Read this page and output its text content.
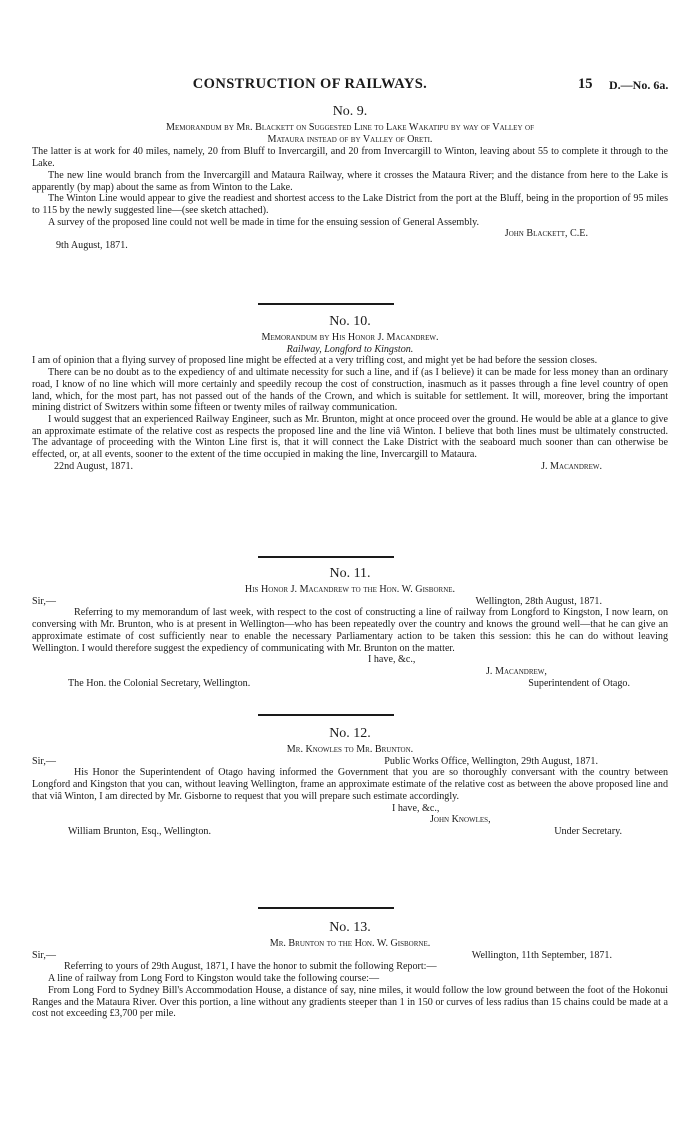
CONSTRUCTION OF RAILWAYS.	15 D.—No. 6a.
No. 9.
Memorandum by Mr. Blackett on Suggested Line to Lake Wakatipu by way of Valley of
Mataura instead of by Valley of Oreti.

The latter is at work for 40 miles, namely, 20 from Bluff to Invercargill, and 20 from Invercargill to Winton, leaving about 55 to complete it through to the Lake.

The new line would branch from the Invercargill and Mataura Railway, where it crosses the Mataura River; and the distance from here to the Lake is apparently (by map) about the same as from Winton to the Lake.

The Winton Line would appear to give the readiest and shortest access to the Lake District from the port at the Bluff, being in the proportion of 95 miles to 115 by the newly suggested line—(see sketch attached).

A survey of the proposed line could not well be made in time for the ensuing session of General Assembly.

John Blackett, C.E.
9th August, 1871.
No. 10.
Memorandum by His Honor J. Macandrew.
Railway, Longford to Kingston.

I am of opinion that a flying survey of proposed line might be effected at a very trifling cost, and might yet be had before the session closes.

There can be no doubt as to the expediency of and ultimate necessity for such a line, and if (as I believe) it can be made for less money than an ordinary road, I know of no line which will more certainly and speedily recoup the cost of construction, inasmuch as it passes through a fine level country of open land, which, for the most part, has not passed out of the hands of the Crown, and which is suitable for settlement. It will, moreover, bring the important mining district of Switzers within some fifteen or twenty miles of railway communication.

I would suggest that an experienced Railway Engineer, such as Mr. Brunton, might at once proceed over the ground. He would be able at a glance to give an approximate estimate of the relative cost as respects the proposed line and the line viâ Winton. I believe that both lines must be ultimately constructed. The advantage of proceeding with the Winton Line first is, that it will connect the Lake District with the seaboard much sooner than can otherwise be effected, or, at all events, sooner to the extent of the time occupied in making the line, Invercargill to Mataura.

22nd August, 1871.	J. Macandrew.
No. 11.
His Honor J. Macandrew to the Hon. W. Gisborne.
Sir,—	Wellington, 28th August, 1871.

Referring to my memorandum of last week, with respect to the cost of constructing a line of railway from Longford to Kingston, I now learn, on conversing with Mr. Brunton, who is at present in Wellington—who has been repeatedly over the country and knows the ground well—that he can give an approximate estimate of cost sufficiently near to enable the necessary Parliamentary action to be taken this session: this he can do without leaving Wellington. I would therefore suggest the expediency of communicating with Mr. Brunton on the matter.

I have, &c.,
J. Macandrew,
The Hon. the Colonial Secretary, Wellington.	Superintendent of Otago.
No. 12.
Mr. Knowles to Mr. Brunton.
Sir,—	Public Works Office, Wellington, 29th August, 1871.

His Honor the Superintendent of Otago having informed the Government that you are so thoroughly conversant with the country between Longford and Kingston that you can, without leaving Wellington, frame an approximate estimate of the relative cost as between the above proposed line and that viâ Winton, I am directed by Mr. Gisborne to request that you will prepare such estimate accordingly.

I have, &c.,
John Knowles,
William Brunton, Esq., Wellington.	Under Secretary.
No. 13.
Mr. Brunton to the Hon. W. Gisborne.
Sir,—	Wellington, 11th September, 1871.

Referring to yours of 29th August, 1871, I have the honor to submit the following Report:—

A line of railway from Long Ford to Kingston would take the following course:—

From Long Ford to Sydney Bill's Accommodation House, a distance of say, nine miles, it would follow the low ground between the foot of the Hokonui Ranges and the Mataura River. Over this portion, a line without any gradients steeper than 1 in 150 or curves of less radius than 15 chains could be made at a cost not exceeding £3,700 per mile.
